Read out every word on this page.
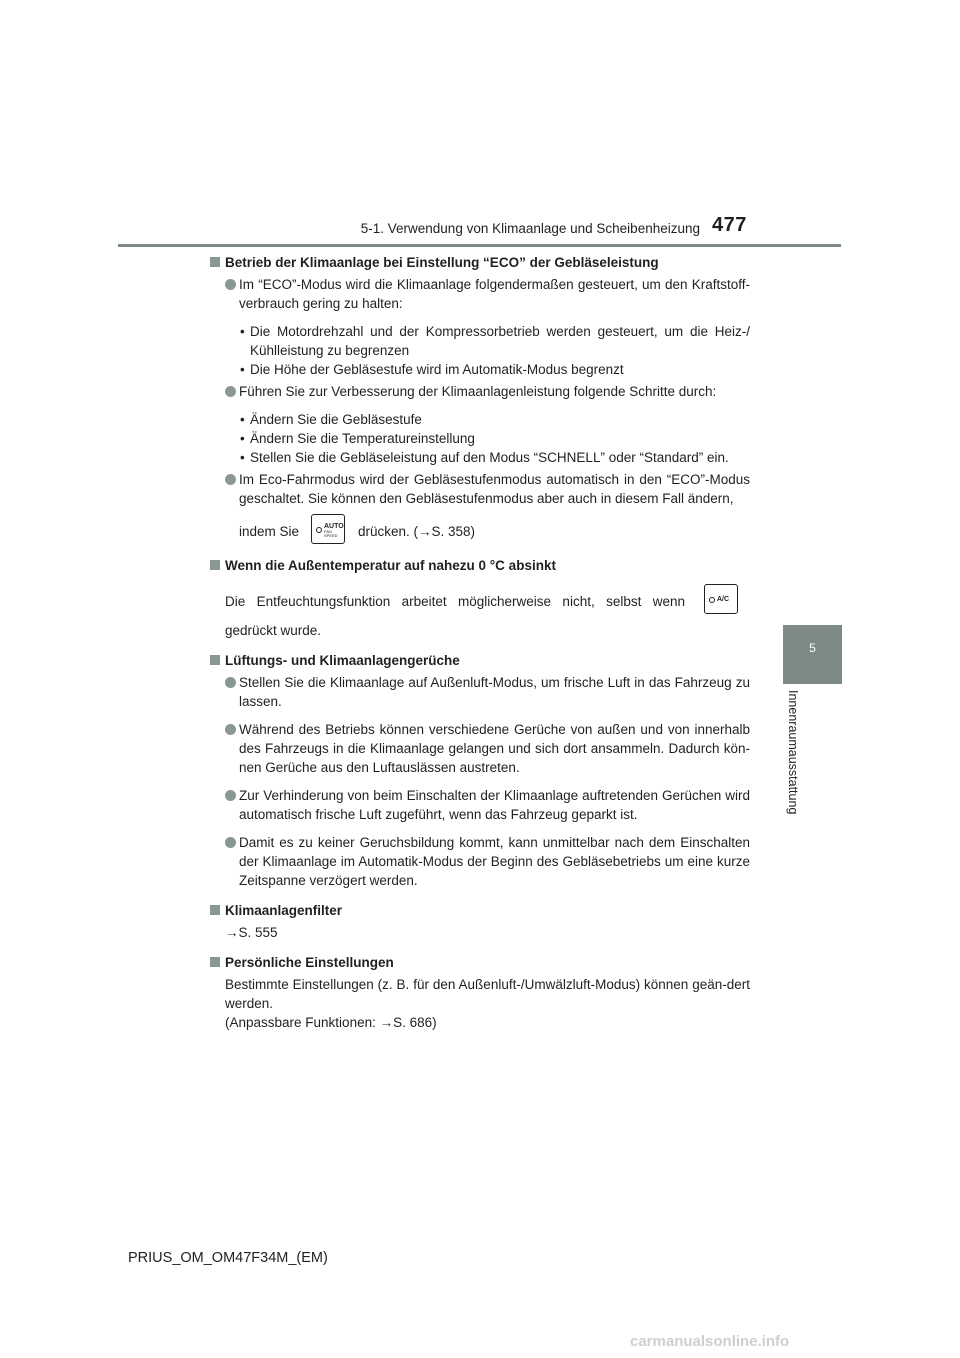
5-1. Verwendung von Klimaanlage und Scheibenheizung 477
5
Innenraumausstattung
Betrieb der Klimaanlage bei Einstellung “ECO” der Gebläseleistung
Im “ECO”-Modus wird die Klimaanlage folgendermaßen gesteuert, um den Kraftstoff-verbrauch gering zu halten:
• Die Motordrehzahl und der Kompressorbetrieb werden gesteuert, um die Heiz-/ Kühlleistung zu begrenzen
• Die Höhe der Gebläsestufe wird im Automatik-Modus begrenzt
Führen Sie zur Verbesserung der Klimaanlagenleistung folgende Schritte durch:
• Ändern Sie die Gebläsestufe
• Ändern Sie die Temperatureinstellung
• Stellen Sie die Gebläseleistung auf den Modus “SCHNELL” oder “Standard” ein.
Im Eco-Fahrmodus wird der Gebläsestufenmodus automatisch in den “ECO”-Modus geschaltet. Sie können den Gebläsestufenmodus aber auch in diesem Fall ändern,
indem Sie	AUTO
FAN SPEED	drücken. (→S. 358)
Wenn die Außentemperatur auf nahezu 0 °C absinkt
Die Entfeuchtungsfunktion arbeitet möglicherweise nicht, selbst wenn	A/C
gedrückt wurde.
Lüftungs- und Klimaanlagengerüche
Stellen Sie die Klimaanlage auf Außenluft-Modus, um frische Luft in das Fahrzeug zu lassen.
Während des Betriebs können verschiedene Gerüche von außen und von innerhalb des Fahrzeugs in die Klimaanlage gelangen und sich dort ansammeln. Dadurch kön-nen Gerüche aus den Luftauslässen austreten.
Zur Verhinderung von beim Einschalten der Klimaanlage auftretenden Gerüchen wird automatisch frische Luft zugeführt, wenn das Fahrzeug geparkt ist.
Damit es zu keiner Geruchsbildung kommt, kann unmittelbar nach dem Einschalten der Klimaanlage im Automatik-Modus der Beginn des Gebläsebetriebs um eine kurze Zeitspanne verzögert werden.
Klimaanlagenfilter
→S. 555
Persönliche Einstellungen
Bestimmte Einstellungen (z. B. für den Außenluft-/Umwälzluft-Modus) können geän-dert werden.
(Anpassbare Funktionen: →S. 686)
PRIUS_OM_OM47F34M_(EM)
carmanualsonline.info
